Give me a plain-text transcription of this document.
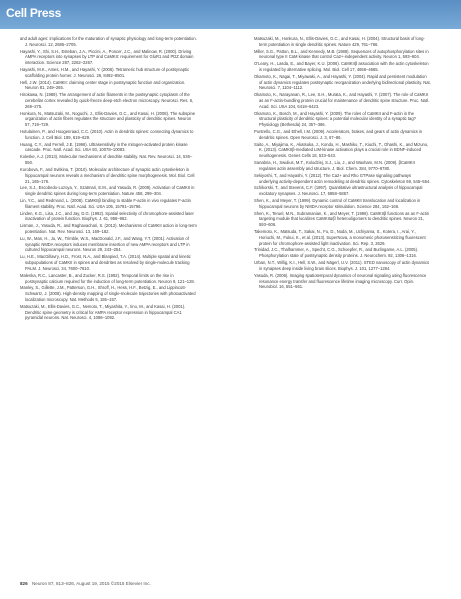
Cell Press

and adult ages: implications for the maturation of synaptic physiology and long-term potentiation. J. Neurosci. 12, 2685–2705.

Hayashi, Y., Shi, S.H., Esteban, J.A., Piccini, A., Poncer, J.C., and Malinow, R. (2000). Driving AMPA receptors into synapses by LTP and CaMKII: requirement for GluR1 and PDZ domain interaction. Science 287, 2262–2267.

Hayashi, M.K., Ames, H.M., and Hayashi, Y. (2006). Tetrameric hub structure of postsynaptic scaffolding protein homer. J. Neurosci. 26, 8492–8501.

Hell, J.W. (2014). CaMKII: claiming center stage in postsynaptic function and organization. Neuron 81, 249–265.

Hirokawa, N. (1989). The arrangement of actin filaments in the postsynaptic cytoplasm of the cerebellar cortex revealed by quick-freeze deep-etch electron microscopy. Neurosci. Res. 6, 269–275.

Honkura, N., Matsuzaki, M., Noguchi, J., Ellis-Davies, G.C., and Kasai, H. (2008). The subspine organization of actin fibers regulates the structure and plasticity of dendritic spines. Neuron 57, 719–729.

Hotulainen, P., and Hoogenraad, C.C. (2010). Actin in dendritic spines: connecting dynamics to function. J. Cell Biol. 189, 619–629.

Huang, C.Y., and Ferrell, J.E. (1996). Ultrasensitivity in the mitogen-activated protein kinase cascade. Proc. Natl. Acad. Sci. USA 93, 10078–10083.

Koleske, A.J. (2013). Molecular mechanisms of dendrite stability. Nat. Rev. Neurosci. 14, 536–550.

Korobova, F., and Svitkina, T. (2010). Molecular architecture of synaptic actin cytoskeleton in hippocampal neurons reveals a mechanism of dendritic spine morphogenesis. Mol. Biol. Cell 21, 165–176.

Lee, S.J., Escobedo-Lozoya, Y., Szatmari, E.M., and Yasuda, R. (2009). Activation of CaMKII in single dendritic spines during long-term potentiation. Nature 458, 299–304.

Lin, Y.C., and Redmond, L. (2008). CaMKIIβ binding to stable F-actin in vivo regulates F-actin filament stability. Proc. Natl. Acad. Sci. USA 105, 15791–15796.

Linden, K.G., Lisa, J.C., and Jay, D.G. (1992). Spatial selectivity of chromophore-assisted laser inactivation of protein function. Biophys. J. 61, 956–962.

Lisman, J., Yasuda, R., and Raghavachari, S. (2012). Mechanisms of CaMKII action in long-term potentiation. Nat. Rev. Neurosci. 13, 169–182.

Lu, W., Man, H., Ju, W., Trimble, W.S., MacDonald, J.F., and Wang, Y.T. (2001). Activation of synaptic NMDA receptors induces membrane insertion of new AMPA receptors and LTP in cultured hippocampal neurons. Neuron 29, 243–254.

Lu, H.E., MacGillavry, H.D., Frost, N.A., and Blanpied, T.A. (2014). Multiple spatial and kinetic subpopulations of CaMKII in spines and dendrites as resolved by single-molecule tracking PALM. J. Neurosci. 34, 7600–7610.

Malenka, R.C., Lancaster, B., and Zucker, R.S. (1992). Temporal limits on the rise in postsynaptic calcium required for the induction of long-term potentiation. Neuron 9, 121–128.

Manley, S., Gillette, J.M., Patterson, G.H., Shroff, H., Hess, H.F., Betzig, E., and Lippincott-Schwartz, J. (2008). High-density mapping of single-molecule trajectories with photoactivated localization microscopy. Nat. Methods 5, 155–157.

Matsuzaki, M., Ellis-Davies, G.C., Nemoto, T., Miyashita, Y., Iino, M., and Kasai, H. (2001). Dendritic spine geometry is critical for AMPA receptor expression in hippocampal CA1 pyramidal neurons. Nat. Neurosci. 4, 1086–1092.

Matsuzaki, M., Honkura, N., Ellis-Davies, G.C., and Kasai, H. (2004). Structural basis of long-term potentiation in single dendritic spines. Nature 429, 761–766.

Miller, S.G., Patton, B.L., and Kennedy, M.B. (1988). Sequences of autophosphorylation sites in neuronal type II CaM kinase that control Ca2+-independent activity. Neuron 1, 593–604.

O'Leary, H., Lasda, E., and Bayer, K.U. (2006). CaMKIIβ association with the actin cytoskeleton is regulated by alternative splicing. Mol. Biol. Cell 17, 4656–4665.

Okamoto, K., Nagai, T., Miyawaki, A., and Hayashi, Y. (2004). Rapid and persistent modulation of actin dynamics regulates postsynaptic reorganization underlying bidirectional plasticity. Nat. Neurosci. 7, 1104–1112.

Okamoto, K., Narayanan, R., Lee, S.H., Murata, K., and Hayashi, Y. (2007). The role of CaMKII as an F-actin-bundling protein crucial for maintenance of dendritic spine structure. Proc. Natl. Acad. Sci. USA 104, 6418–6423.

Okamoto, K., Bosch, M., and Hayashi, Y. (2009). The roles of CaMKII and F-actin in the structural plasticity of dendritic spines: a potential molecular identity of a synaptic tag? Physiology (Bethesda) 24, 357–366.

Pontrello, C.G., and Ethell, I.M. (2009). Accelerators, brakes, and gears of actin dynamics in dendritic spines. Open Neurosci. J. 3, 67–86.

Saito, A., Miyajima, K., Akatsuka, J., Kondo, H., Mashiko, T., Kiuchi, T., Ohashi, K., and Mizuno, K. (2013). CaMKIIβ-mediated LIM-kinase activation plays a crucial role in BDNF-induced neuritogenesis. Genes Cells 18, 533–543.

Sanabria, H., Swulius, M.T., Kolodziej, S.J., Liu, J., and Waxham, M.N. (2009). βCaMKII regulates actin assembly and structure. J. Biol. Chem. 284, 9770–9780.

Sekiyoshi, T., and Hayashi, Y. (2012). The Ca2+ and Rho GTPase signaling pathways underlying activity-dependent actin remodeling at dendritic spines. Cytoskeleton 69, 545–554.

Schikorski, T., and Stevens, C.F. (1997). Quantitative ultrastructural analysis of hippocampal excitatory synapses. J. Neurosci. 17, 5858–5867.

Shen, K., and Meyer, T. (1999). Dynamic control of CaMKII translocation and localization in hippocampal neurons by NMDA receptor stimulation. Science 284, 162–166.

Shen, K., Teruel, M.N., Subramanian, K., and Meyer, T. (1998). CaMKIIβ functions as an F-actin targeting module that localizes CaMKIIα/β heterooligomers to dendritic spines. Neuron 21, 593–606.

Takemoto, K., Matsuda, T., Sakai, N., Fu, D., Noda, M., Uchiyama, S., Kotera, I., Arai, Y., Horiuchi, M., Fukui, K., et al. (2013). SuperNova, a monomeric photosensitizing fluorescent protein for chromophore-assisted light inactivation. Sci. Rep. 3, 2629.

Trinidad, J.C., Thalhammer, A., Specht, C.G., Schoepfer, R., and Burlingame, A.L. (2005). Phosphorylation state of postsynaptic density proteins. J. Neurochem. 92, 1306–1316.

Urban, N.T., Willig, K.I., Hell, S.W., and Nägerl, U.V. (2011). STED nanoscopy of actin dynamics in synapses deep inside living brain slices. Biophys. J. 101, 1277–1284.

Yasuda, R. (2006). Imaging spatiotemporal dynamics of neuronal signaling using fluorescence resonance energy transfer and fluorescence lifetime imaging microscopy. Curr. Opin. Neurobiol. 16, 551–561.

826 Neuron 87, 813–826, August 19, 2015 ©2015 Elsevier Inc.
